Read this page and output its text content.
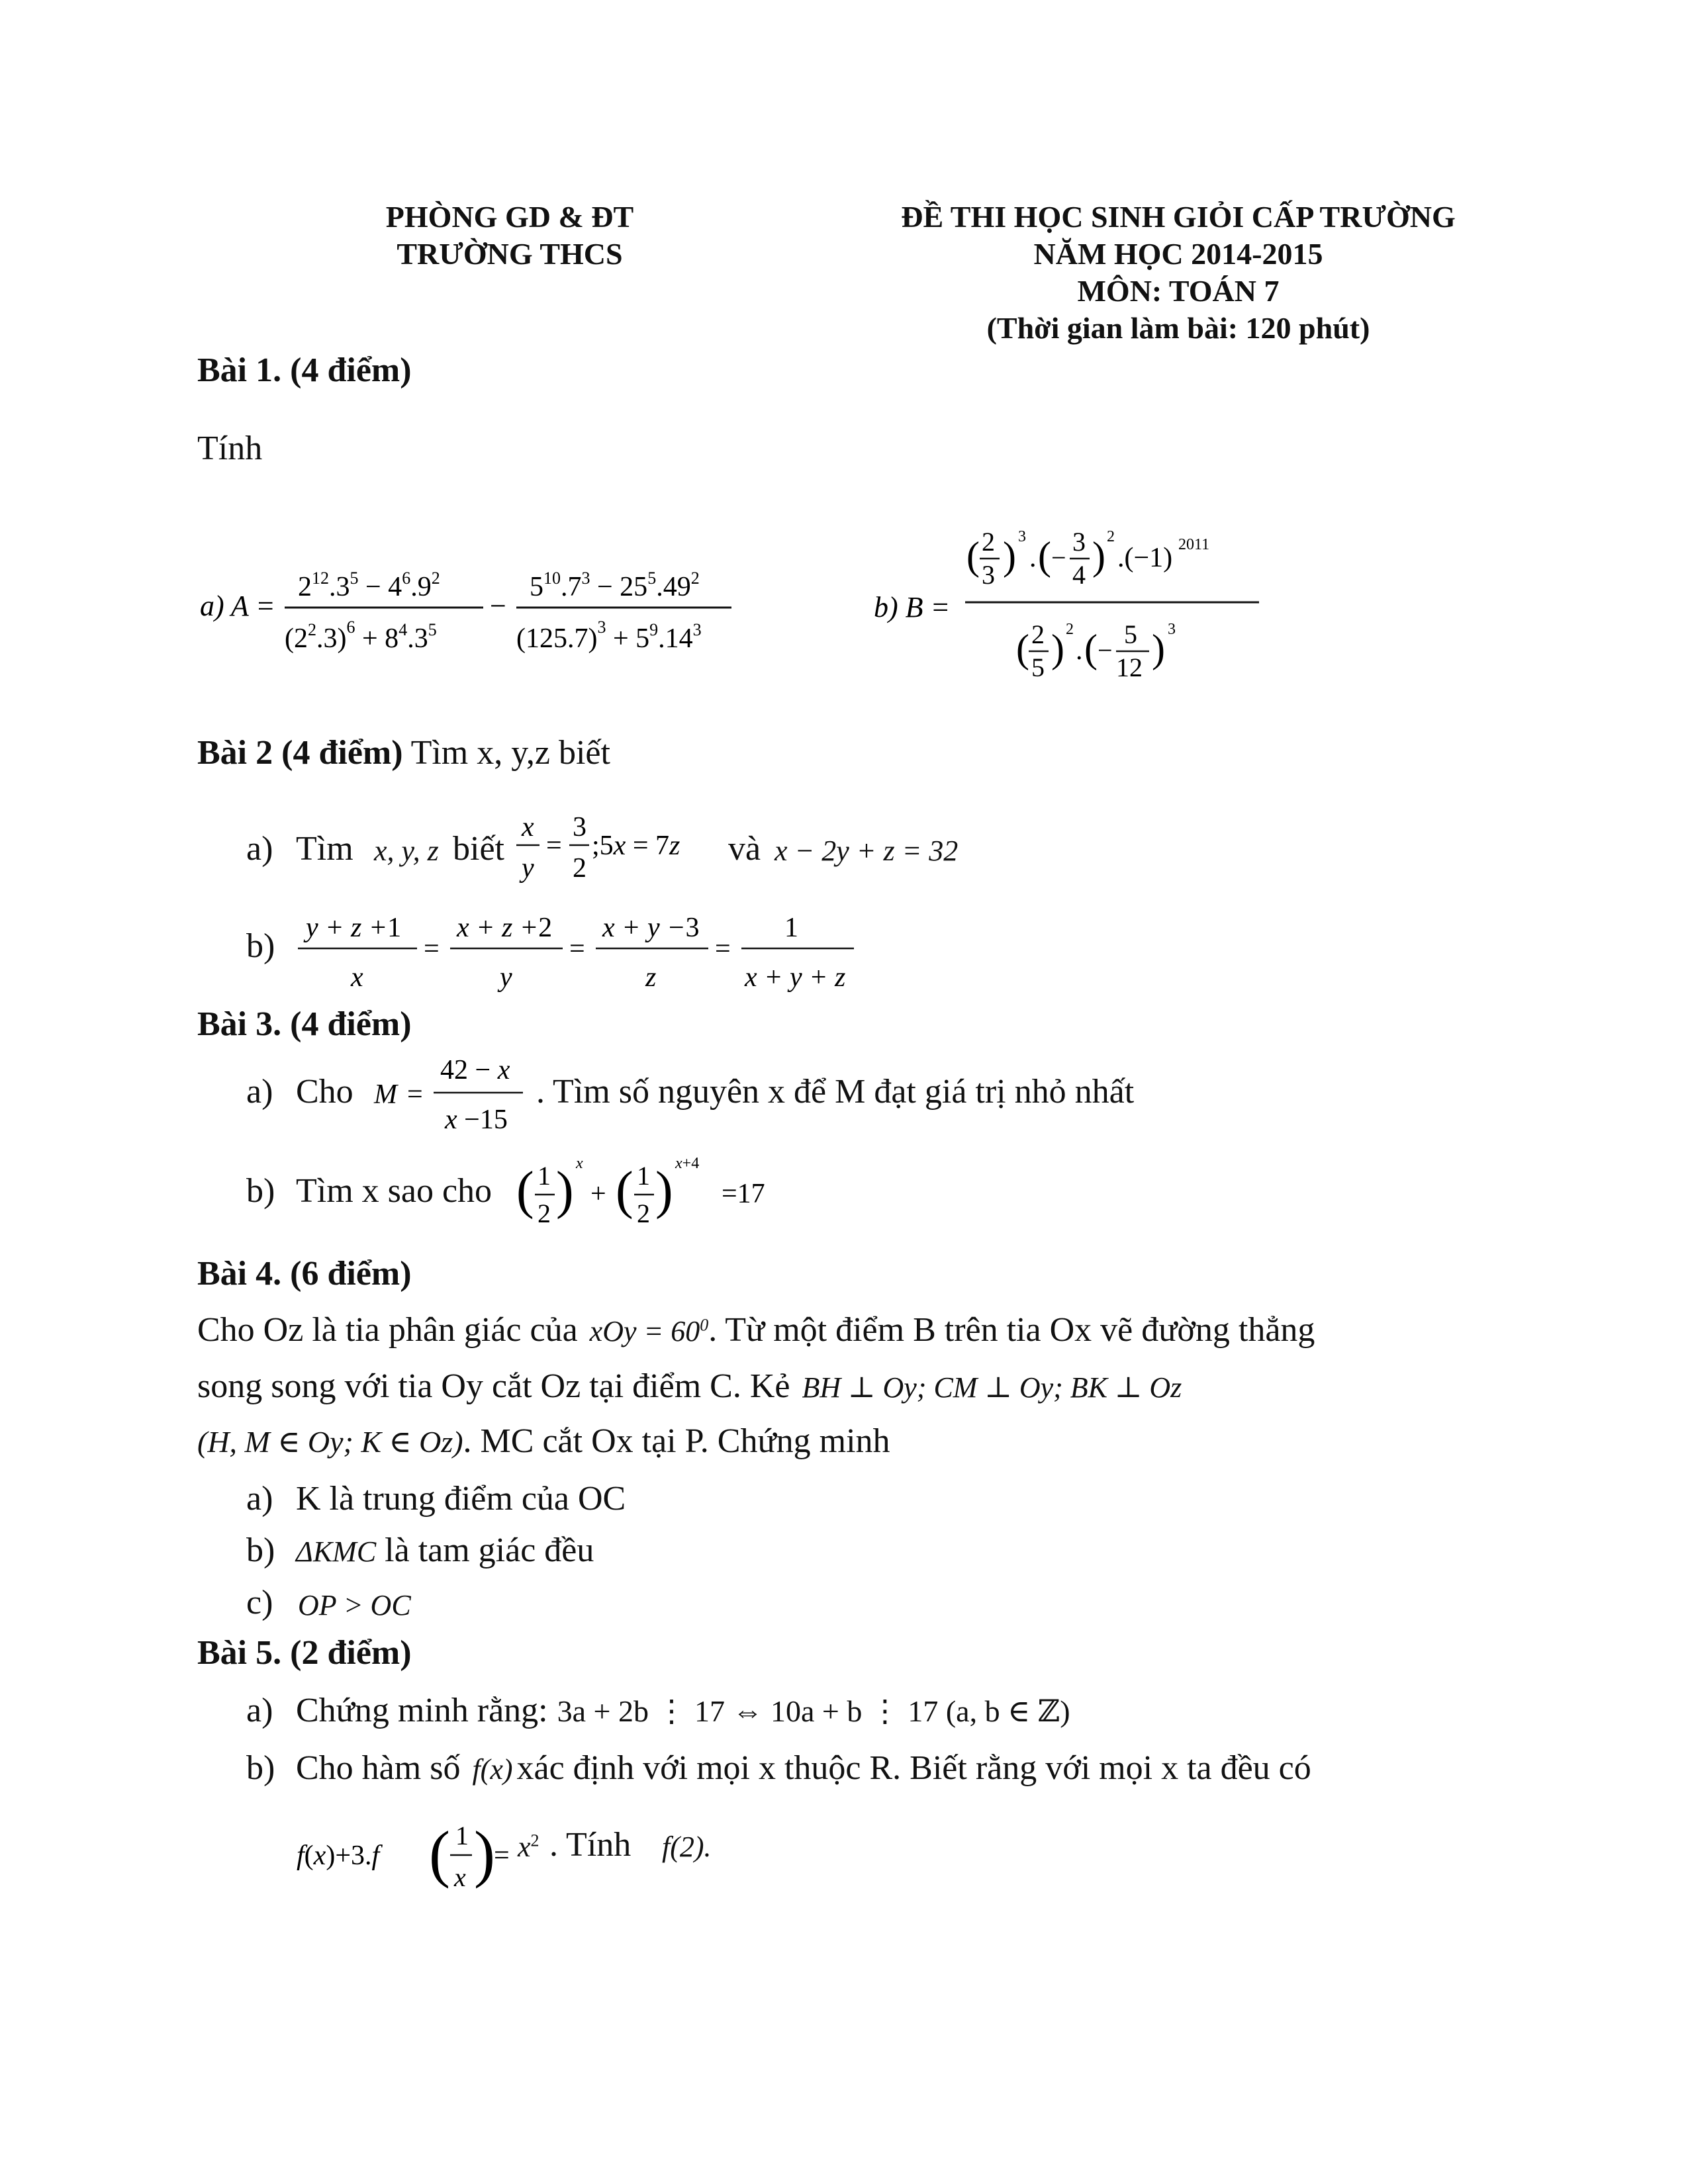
PHÒNG GD & ĐT
TRƯỜNG THCS
ĐỀ THI HỌC SINH GIỎI CẤP TRƯỜNG
NĂM HỌC 2014-2015
MÔN: TOÁN 7
(Thời gian làm bài: 120 phút)
Bài 1. (4 điểm)
Tính
a) A =
$2^{12}.3^5 - 4^6.9^2$
$(2^2.3)^6 + 8^4.3^5$
−
$5^{10}.7^3 - 25^5.49^2$
$(125.7)^3 + 5^9.14^3$
b) B =
( 2
3 ) 3
. ( −
3
4 ) 2
.(−1) 2011
( 2
5 ) 2
. ( −
5
12 ) 3
Bài 2 (4 điểm) Tìm x, y,z biết
a) Tìm x, y, z biết
x
y
=
3
2
;5x = 7z và x − 2y + z = 32
b) y + z +1
x
=
x + z +2
y
=
x + y −3
z
=
1
x + y + z
Bài 3. (4 điểm)
a) Cho M =
42 − x
x −15
. Tìm số nguyên x để M đạt giá trị nhỏ nhất
b) Tìm x sao cho ( 1
2 ) x
+ ( 1
2 ) x+4
=17
Bài 4. (6 điểm)
Cho Oz là tia phân giác của xOy = $60^0$. Từ một điểm B trên tia Ox vẽ đường thẳng
song song với tia Oy cắt Oz tại điểm C. Kẻ BH ⊥ Oy; CM ⊥ Oy; BK ⊥ Oz
(H, M ∈ Oy; K ∈ Oz). MC cắt Ox tại P. Chứng minh
a) K là trung điểm của OC
b) ΔKMC là tam giác đều
c) OP > OC
Bài 5. (2 điểm)
a) Chứng minh rằng: 3a + 2b ⋮ 17 ⇔ 10a + b ⋮ 17 (a, b ∈ ℤ)
b) Cho hàm số f(x) xác định với mọi x thuộc R. Biết rằng với mọi x ta đều có
f(x)+3.f ( 1
x )
= $x^2$ . Tính f(2).
